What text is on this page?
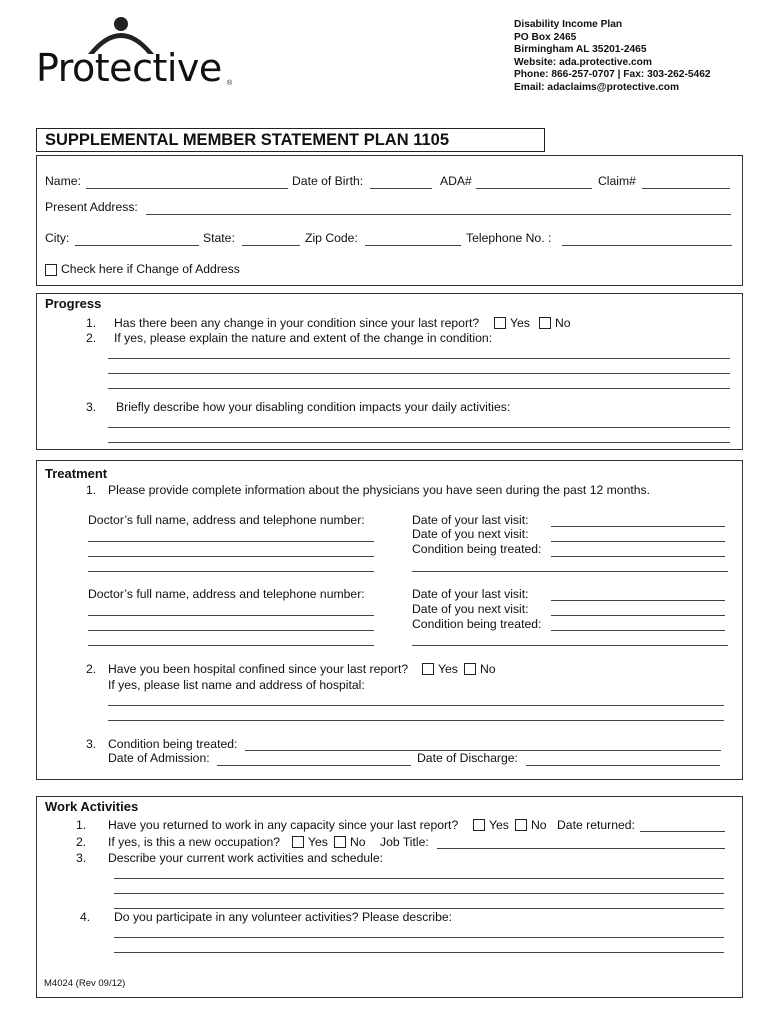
Protective ®
Disability Income Plan
PO Box 2465
Birmingham AL 35201-2465
Website: ada.protective.com
Phone: 866-257-0707 | Fax: 303-262-5462
Email: adaclaims@protective.com
SUPPLEMENTAL MEMBER STATEMENT PLAN 1105
Name:	Date of Birth:	ADA#	Claim#
Present Address:
City:	State:	Zip Code:	Telephone No. :
Check here if Change of Address
Progress
1. Has there been any change in your condition since your last report?	Yes No
2. If yes, please explain the nature and extent of the change in condition:
3. Briefly describe how your disabling condition impacts your daily activities:
Treatment
1. Please provide complete information about the physicians you have seen during the past 12 months.
Doctor’s full name, address and telephone number:	Date of your last visit:
Date of you next visit:
Condition being treated:
Doctor’s full name, address and telephone number:	Date of your last visit:
Date of you next visit:
Condition being treated:
2. Have you been hospital confined since your last report? Yes No
If yes, please list name and address of hospital:
3. Condition being treated:
Date of Admission:	Date of Discharge:
Work Activities
1. Have you returned to work in any capacity since your last report?	Yes No Date returned:
2. If yes, is this a new occupation? Yes No Job Title:
3. Describe your current work activities and schedule:
4. Do you participate in any volunteer activities? Please describe:
M4024 (Rev 09/12)
